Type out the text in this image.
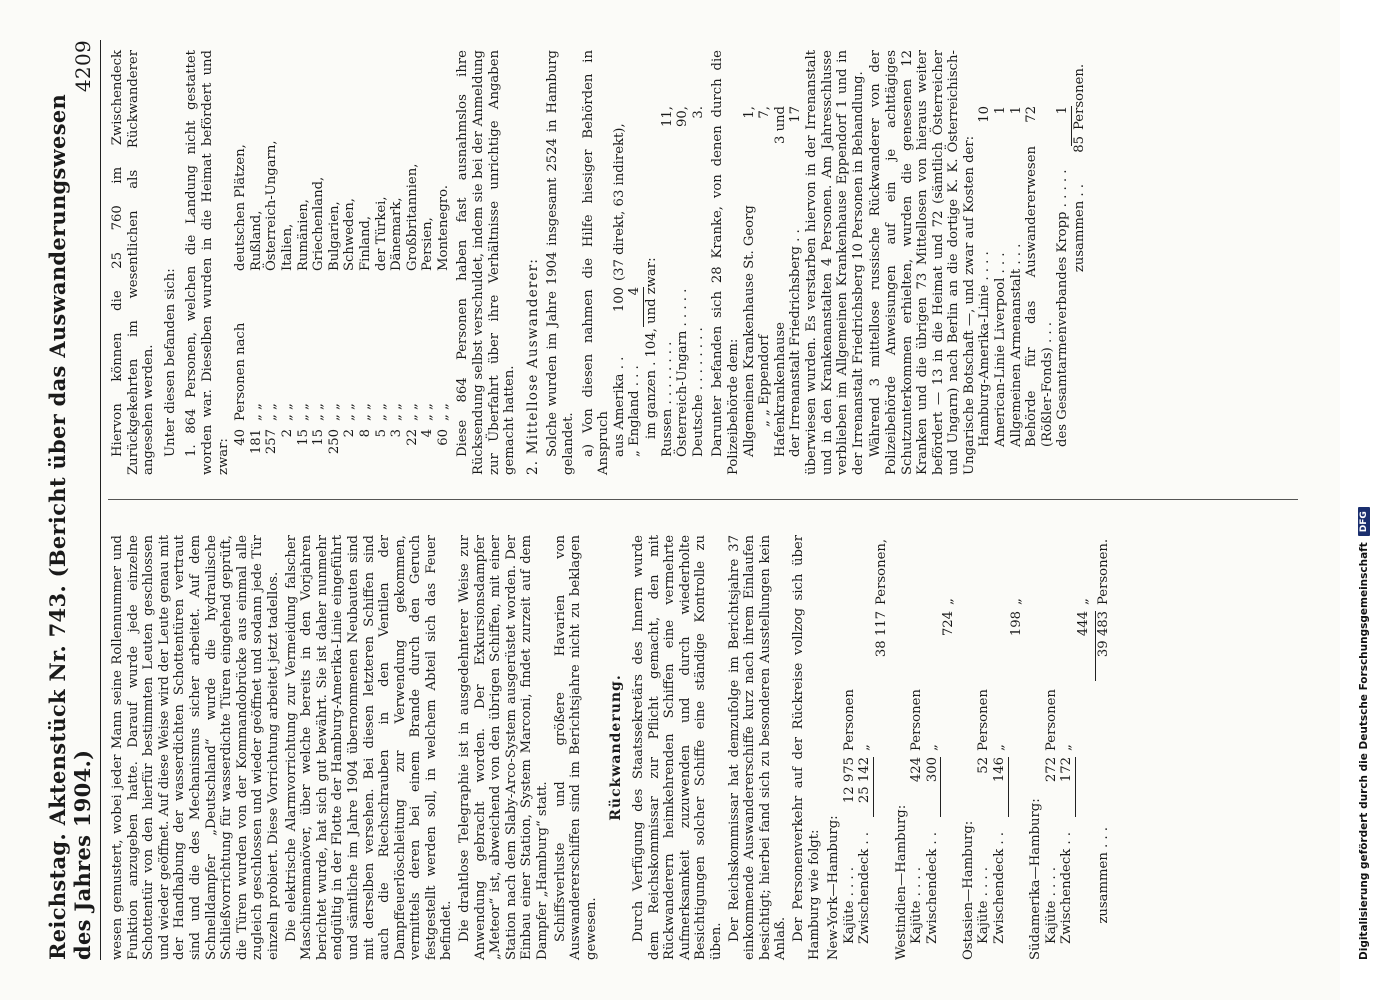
Reichstag. Aktenstück Nr. 743. (Bericht über das Auswanderungswesen des Jahres 1904.)
4209

wesen gemustert, wobei jeder Mann seine Rollennummer und Funktion anzugeben hatte. Darauf wurde jede einzelne Schottentür von den hierfür bestimmten Leuten geschlossen und wieder geöffnet. Auf diese Weise wird der Leute genau mit der Handhabung der wasserdichten Schottentüren vertraut sind und die des Mechanismus sicher arbeitet. Auf dem Schnelldampfer „Deutschland“ wurde die hydraulische Schließvorrichtung für wasserdichte Türen eingehend geprüft, die Türen wurden von der Kommandobrücke aus einmal alle zugleich geschlossen und wieder geöffnet und sodann jede Tür einzeln probiert. Diese Vorrichtung arbeitet jetzt tadellos. Die elektrische Alarmvorrichtung zur Vermeidung falscher Maschinenmanöver, über welche bereits in den Vorjahren berichtet wurde, hat sich gut bewährt. Sie ist daher nunmehr endgültig in der Flotte der Hamburg-Amerika-Linie eingeführt und sämtliche im Jahre 1904 übernommenen Neubauten sind mit derselben versehen. Bei diesen letzteren Schiffen sind auch die Riechschrauben in den Ventilen der Dampffeuerlöschleitung zur Verwendung gekommen, vermittels deren bei einem Brande durch den Geruch festgestellt werden soll, in welchem Abteil sich das Feuer befindet. Die drahtlose Telegraphie ist in ausgedehnterer Weise zur Anwendung gebracht worden. Der Exkursionsdampfer „Meteor“ ist, abweichend von den übrigen Schiffen, mit einer Station nach dem Slaby-Arco-System ausgerüstet worden. Der Einbau einer Station, System Marconi, findet zurzeit auf dem Dampfer „Hamburg“ statt. Schiffsverluste und größere Havarien von Auswandererschiffen sind im Berichtsjahre nicht zu beklagen gewesen.

Rückwanderung. Durch Verfügung des Staatssekretärs des Innern wurde dem Reichskommissar zur Pflicht gemacht, den mit Rückwanderern heimkehrenden Schiffen eine vermehrte Aufmerksamkeit zuzuwenden und durch wiederholte Besichtigungen solcher Schiffe eine ständige Kontrolle zu üben. Der Reichskommissar hat demzufolge im Berichtsjahre 37 einkommende Auswandererschiffe kurz nach ihrem Einlaufen besichtigt; hierbei fand sich zu besonderen Ausstellungen kein Anlaß. Der Personenverkehr auf der Rückreise vollzog sich über Hamburg wie folgt: New-York—Hamburg: Kajüte . . . .
12 975
Personen
Zwischendeck . .
25 142
„
38 117
Personen,
Westindien—Hamburg: Kajüte . . . .
424
Personen
Zwischendeck . .
300
„
724
„
Ostasien—Hamburg: Kajüte . . . .
52
Personen
Zwischendeck . .
146
„
198
„
Südamerika—Hamburg: Kajüte . . . .
272
Personen
Zwischendeck . .
172
„
444
„
zusammen . . .
39 483
Personen.

Hiervon können die 25 760 im Zwischendeck Zurückgekehrten im wesentlichen als Rückwanderer angesehen werden. Unter diesen befanden sich: 1. 864 Personen, welchen die Landung nicht gestattet worden war. Dieselben wurden in die Heimat befördert und zwar:

40
Personen nach
deutschen Plätzen,
181
„ „
Rußland,
257
„ „
Österreich-Ungarn,
2
„ „
Italien,
15
„ „
Rumänien,
15
„ „
Griechenland,
250
„ „
Bulgarien,
2
„ „
Schweden,
8
„ „
Finland,
5
„ „
der Türkei,
3
„ „
Dänemark,
22
„ „
Großbritannien,
4
„ „
Persien,
60
„ „
Montenegro. Diese 864 Personen haben fast ausnahmslos ihre Rücksendung selbst verschuldet, indem sie bei der Anmeldung zur Überfahrt über ihre Verhältnisse unrichtige Angaben gemacht hatten. 2. Mittellose Auswanderer: Solche wurden im Jahre 1904 insgesamt 2524 in Hamburg gelandet. a) Von diesen nahmen die Hilfe hiesiger Behörden in Anspruch aus Amerika . .
100
(37 direkt, 63 indirekt),
„ England . . .
4 im ganzen . 104, und zwar: Russen . . . . . . . .
11,
Österreich-Ungarn . . . . .
90,
Deutsche . . . . . . . .
3. Darunter befanden sich 28 Kranke, von denen durch die Polizeibehörde dem: Allgemeinen Krankenhause St. Georg
1,
„ „ Eppendorf
7,
Hafenkrankenhause
3 und
der Irrenanstalt Friedrichsberg . .
17 überwiesen wurden. Es verstarben hiervon in der Irrenanstalt und in den Krankenanstalten 4 Personen. Am Jahresschlusse verblieben im Allgemeinen Krankenhause Eppendorf 1 und in der Irrenanstalt Friedrichsberg 10 Personen in Behandlung. Während 3 mittellose russische Rückwanderer von der Polizeibehörde Anweisungen auf ein je achttägiges Schutzunterkommen erhielten, wurden die genesenen 12 Kranken und die übrigen 73 Mittellosen von hieraus weiter befördert — 13 in die Heimat und 72 (sämtlich Österreicher und Ungarn) nach Berlin an die dortige K. K. Österreichisch-Ungarische Botschaft —, und zwar auf Kosten der: Hamburg-Amerika-Linie . . . .
10
American-Linie Liverpool . . .
1
Allgemeinen Armenanstalt . . .
1
Behörde für das Auswandererwesen (Rößler-Fonds) . . .
72
des Gesamtarmenverbandes Kropp . . . . .
1
zusammen . .
85
Personen.
Digitalisierung gefördert durch die Deutsche Forschungsgemeinschaft
DFG
